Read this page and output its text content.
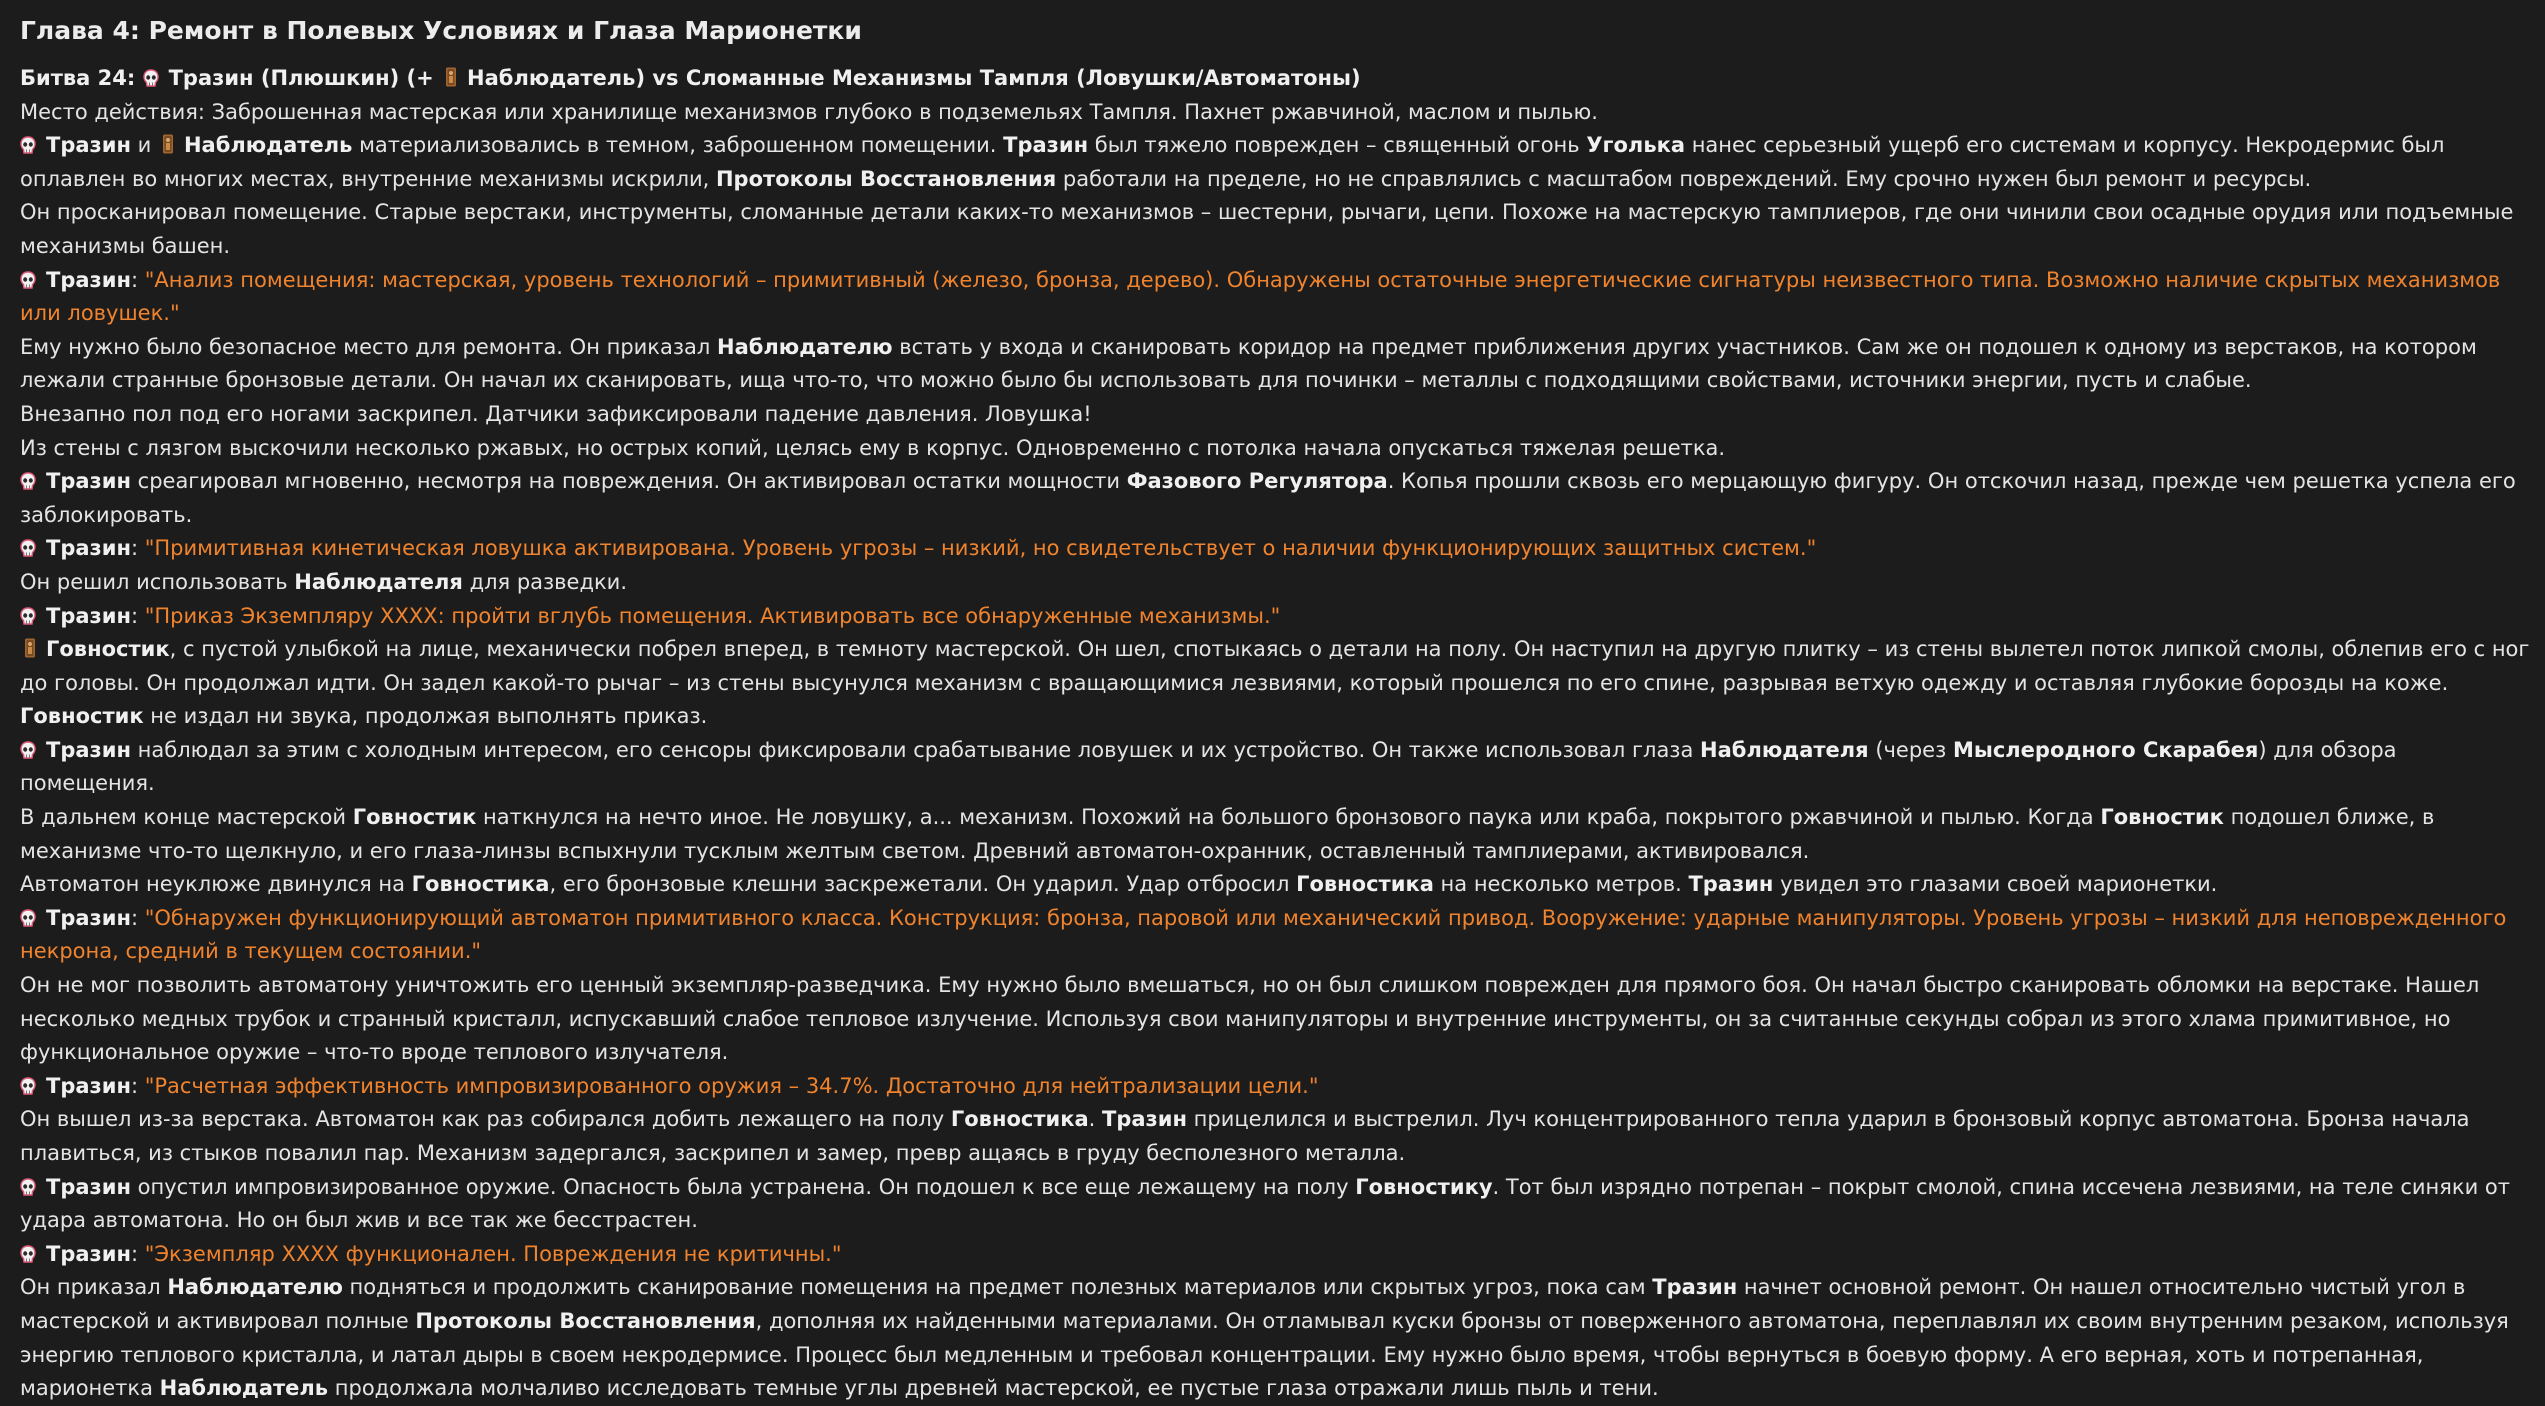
Глава 4: Ремонт в Полевых Условиях и Глаза Марионетки

Битва 24: Тразин (Плюшкин) (+ Наблюдатель) vs Сломанные Механизмы Тампля (Ловушки/Автоматоны)

Место действия: Заброшенная мастерская или хранилище механизмов глубоко в подземельях Тампля. Пахнет ржавчиной, маслом и пылью.

Тразин и Наблюдатель материализовались в темном, заброшенном помещении. Тразин был тяжело поврежден – священный огонь Уголька нанес серьезный ущерб его системам и корпусу. Некродермис был оплавлен во многих местах, внутренние механизмы искрили, Протоколы Восстановления работали на пределе, но не справлялись с масштабом повреждений. Ему срочно нужен был ремонт и ресурсы.

Он просканировал помещение. Старые верстаки, инструменты, сломанные детали каких-то механизмов – шестерни, рычаги, цепи. Похоже на мастерскую тамплиеров, где они чинили свои осадные орудия или подъемные механизмы башен.

Тразин: "Анализ помещения: мастерская, уровень технологий – примитивный (железо, бронза, дерево). Обнаружены остаточные энергетические сигнатуры неизвестного типа. Возможно наличие скрытых механизмов или ловушек."

Ему нужно было безопасное место для ремонта. Он приказал Наблюдателю встать у входа и сканировать коридор на предмет приближения других участников. Сам же он подошел к одному из верстаков, на котором лежали странные бронзовые детали. Он начал их сканировать, ища что-то, что можно было бы использовать для починки – металлы с подходящими свойствами, источники энергии, пусть и слабые.

Внезапно пол под его ногами заскрипел. Датчики зафиксировали падение давления. Ловушка!

Из стены с лязгом выскочили несколько ржавых, но острых копий, целясь ему в корпус. Одновременно с потолка начала опускаться тяжелая решетка.

Тразин среагировал мгновенно, несмотря на повреждения. Он активировал остатки мощности Фазового Регулятора. Копья прошли сквозь его мерцающую фигуру. Он отскочил назад, прежде чем решетка успела его заблокировать.

Тразин: "Примитивная кинетическая ловушка активирована. Уровень угрозы – низкий, но свидетельствует о наличии функционирующих защитных систем."

Он решил использовать Наблюдателя для разведки.

Тразин: "Приказ Экземпляру ХХХХ: пройти вглубь помещения. Активировать все обнаруженные механизмы."

Говностик, с пустой улыбкой на лице, механически побрел вперед, в темноту мастерской. Он шел, спотыкаясь о детали на полу. Он наступил на другую плитку – из стены вылетел поток липкой смолы, облепив его с ног до головы. Он продолжал идти. Он задел какой-то рычаг – из стены высунулся механизм с вращающимися лезвиями, который прошелся по его спине, разрывая ветхую одежду и оставляя глубокие борозды на коже. Говностик не издал ни звука, продолжая выполнять приказ.

Тразин наблюдал за этим с холодным интересом, его сенсоры фиксировали срабатывание ловушек и их устройство. Он также использовал глаза Наблюдателя (через Мыслеродного Скарабея) для обзора помещения.

В дальнем конце мастерской Говностик наткнулся на нечто иное. Не ловушку, а... механизм. Похожий на большого бронзового паука или краба, покрытого ржавчиной и пылью. Когда Говностик подошел ближе, в механизме что-то щелкнуло, и его глаза-линзы вспыхнули тусклым желтым светом. Древний автоматон-охранник, оставленный тамплиерами, активировался.

Автоматон неуклюже двинулся на Говностика, его бронзовые клешни заскрежетали. Он ударил. Удар отбросил Говностика на несколько метров. Тразин увидел это глазами своей марионетки.

Тразин: "Обнаружен функционирующий автоматон примитивного класса. Конструкция: бронза, паровой или механический привод. Вооружение: ударные манипуляторы. Уровень угрозы – низкий для неповрежденного некрона, средний в текущем состоянии."

Он не мог позволить автоматону уничтожить его ценный экземпляр-разведчика. Ему нужно было вмешаться, но он был слишком поврежден для прямого боя. Он начал быстро сканировать обломки на верстаке. Нашел несколько медных трубок и странный кристалл, испускавший слабое тепловое излучение. Используя свои манипуляторы и внутренние инструменты, он за считанные секунды собрал из этого хлама примитивное, но функциональное оружие – что-то вроде теплового излучателя.

Тразин: "Расчетная эффективность импровизированного оружия – 34.7%. Достаточно для нейтрализации цели."

Он вышел из-за верстака. Автоматон как раз собирался добить лежащего на полу Говностика. Тразин прицелился и выстрелил. Луч концентрированного тепла ударил в бронзовый корпус автоматона. Бронза начала плавиться, из стыков повалил пар. Механизм задергался, заскрипел и замер, превр ащаясь в груду бесполезного металла.

Тразин опустил импровизированное оружие. Опасность была устранена. Он подошел к все еще лежащему на полу Говностику. Тот был изрядно потрепан – покрыт смолой, спина иссечена лезвиями, на теле синяки от удара автоматона. Но он был жив и все так же бесстрастен.

Тразин: "Экземпляр ХХХХ функционален. Повреждения не критичны."

Он приказал Наблюдателю подняться и продолжить сканирование помещения на предмет полезных материалов или скрытых угроз, пока сам Тразин начнет основной ремонт. Он нашел относительно чистый угол в мастерской и активировал полные Протоколы Восстановления, дополняя их найденными материалами. Он отламывал куски бронзы от поверженного автоматона, переплавлял их своим внутренним резаком, используя энергию теплового кристалла, и латал дыры в своем некродермисе. Процесс был медленным и требовал концентрации. Ему нужно было время, чтобы вернуться в боевую форму. А его верная, хоть и потрепанная, марионетка Наблюдатель продолжала молчаливо исследовать темные углы древней мастерской, ее пустые глаза отражали лишь пыль и тени.
